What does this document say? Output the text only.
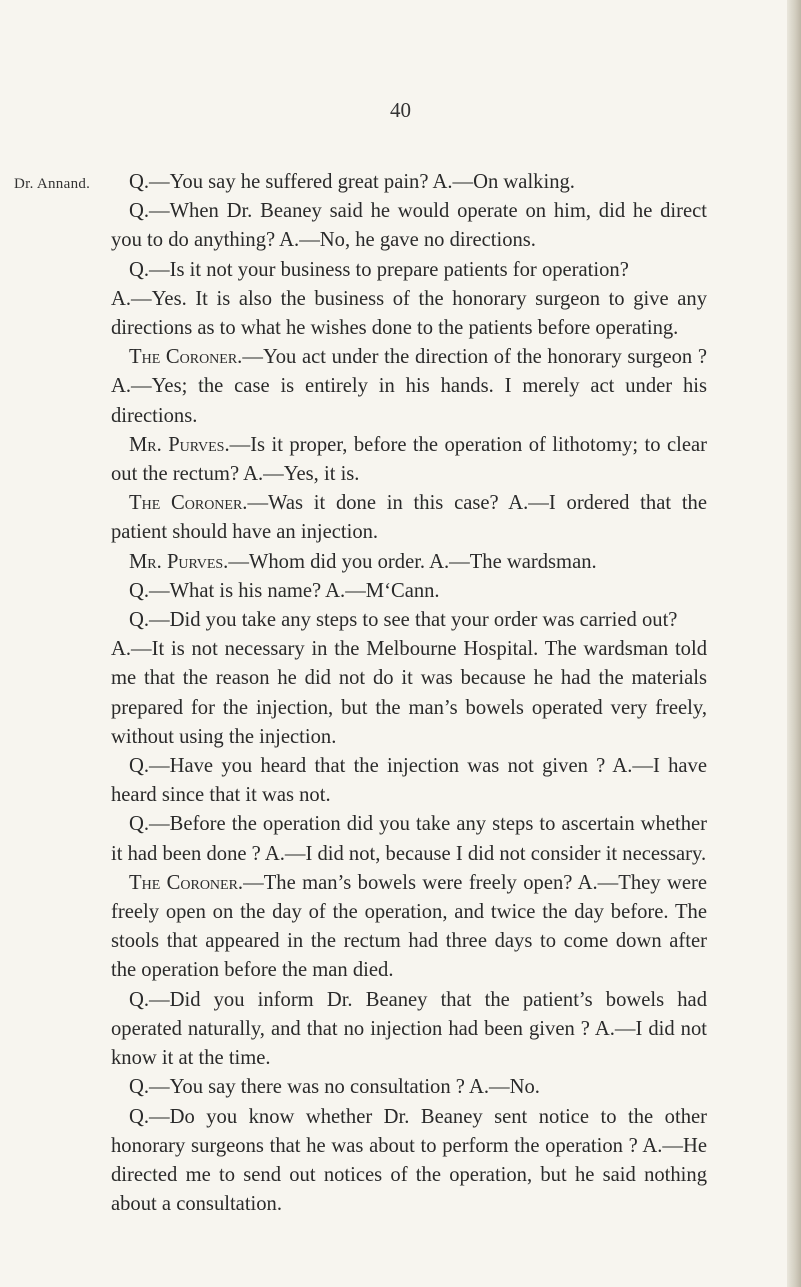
40
Dr. Annand.	Q.—You say he suffered great pain? A.—On walking.

Q.—When Dr. Beaney said he would operate on him, did he direct you to do anything? A.—No, he gave no directions.

Q.—Is it not your business to prepare patients for operation?

A.—Yes. It is also the business of the honorary surgeon to give any directions as to what he wishes done to the patients before operating.

The Coroner.—You act under the direction of the honorary surgeon ? A.—Yes; the case is entirely in his hands. I merely act under his directions.

Mr. Purves.—Is it proper, before the operation of lithotomy; to clear out the rectum? A.—Yes, it is.

The Coroner.—Was it done in this case? A.—I ordered that the patient should have an injection.

Mr. Purves.—Whom did you order. A.—The wardsman.

Q.—What is his name? A.—M‘Cann.

Q.—Did you take any steps to see that your order was carried out?

A.—It is not necessary in the Melbourne Hospital. The wardsman told me that the reason he did not do it was because he had the materials prepared for the injection, but the man’s bowels operated very freely, without using the injection.

Q.—Have you heard that the injection was not given ? A.—I have heard since that it was not.

Q.—Before the operation did you take any steps to ascertain whether it had been done ? A.—I did not, because I did not consider it necessary.

The Coroner.—The man’s bowels were freely open? A.—They were freely open on the day of the operation, and twice the day before. The stools that appeared in the rectum had three days to come down after the operation before the man died.

Q.—Did you inform Dr. Beaney that the patient’s bowels had operated naturally, and that no injection had been given ? A.—I did not know it at the time.

Q.—You say there was no consultation ? A.—No.

Q.—Do you know whether Dr. Beaney sent notice to the other honorary surgeons that he was about to perform the operation ? A.—He directed me to send out notices of the operation, but he said nothing about a consultation.
